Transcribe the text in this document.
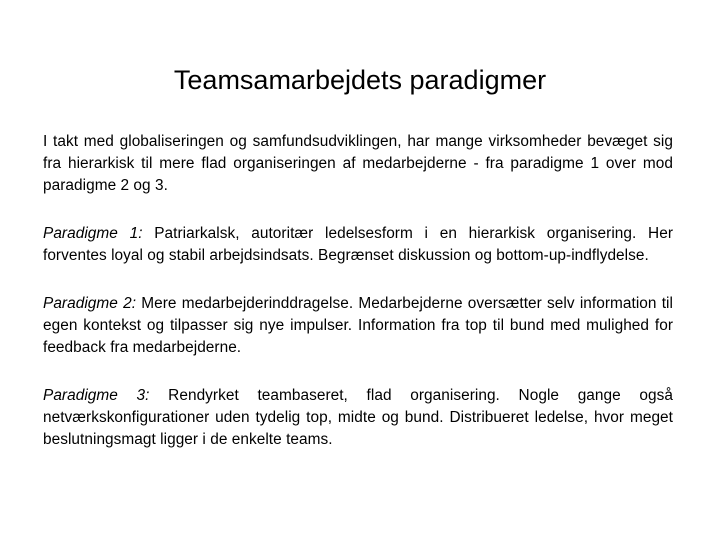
Teamsamarbejdets paradigmer

I takt med globaliseringen og samfundsudviklingen, har mange virksomheder bevæget sig fra hierarkisk til mere flad organiseringen af medarbejderne - fra paradigme 1 over mod paradigme 2 og 3.

Paradigme 1: Patriarkalsk, autoritær ledelsesform i en hierarkisk organisering. Her forventes loyal og stabil arbejdsindsats. Begrænset diskussion og bottom-up-indflydelse.

Paradigme 2: Mere medarbejderinddragelse. Medarbejderne oversætter selv information til egen kontekst og tilpasser sig nye impulser. Information fra top til bund med mulighed for feedback fra medarbejderne.

Paradigme 3: Rendyrket teambaseret, flad organisering. Nogle gange også netværkskonfigurationer uden tydelig top, midte og bund. Distribueret ledelse, hvor meget beslutningsmagt ligger i de enkelte teams.
